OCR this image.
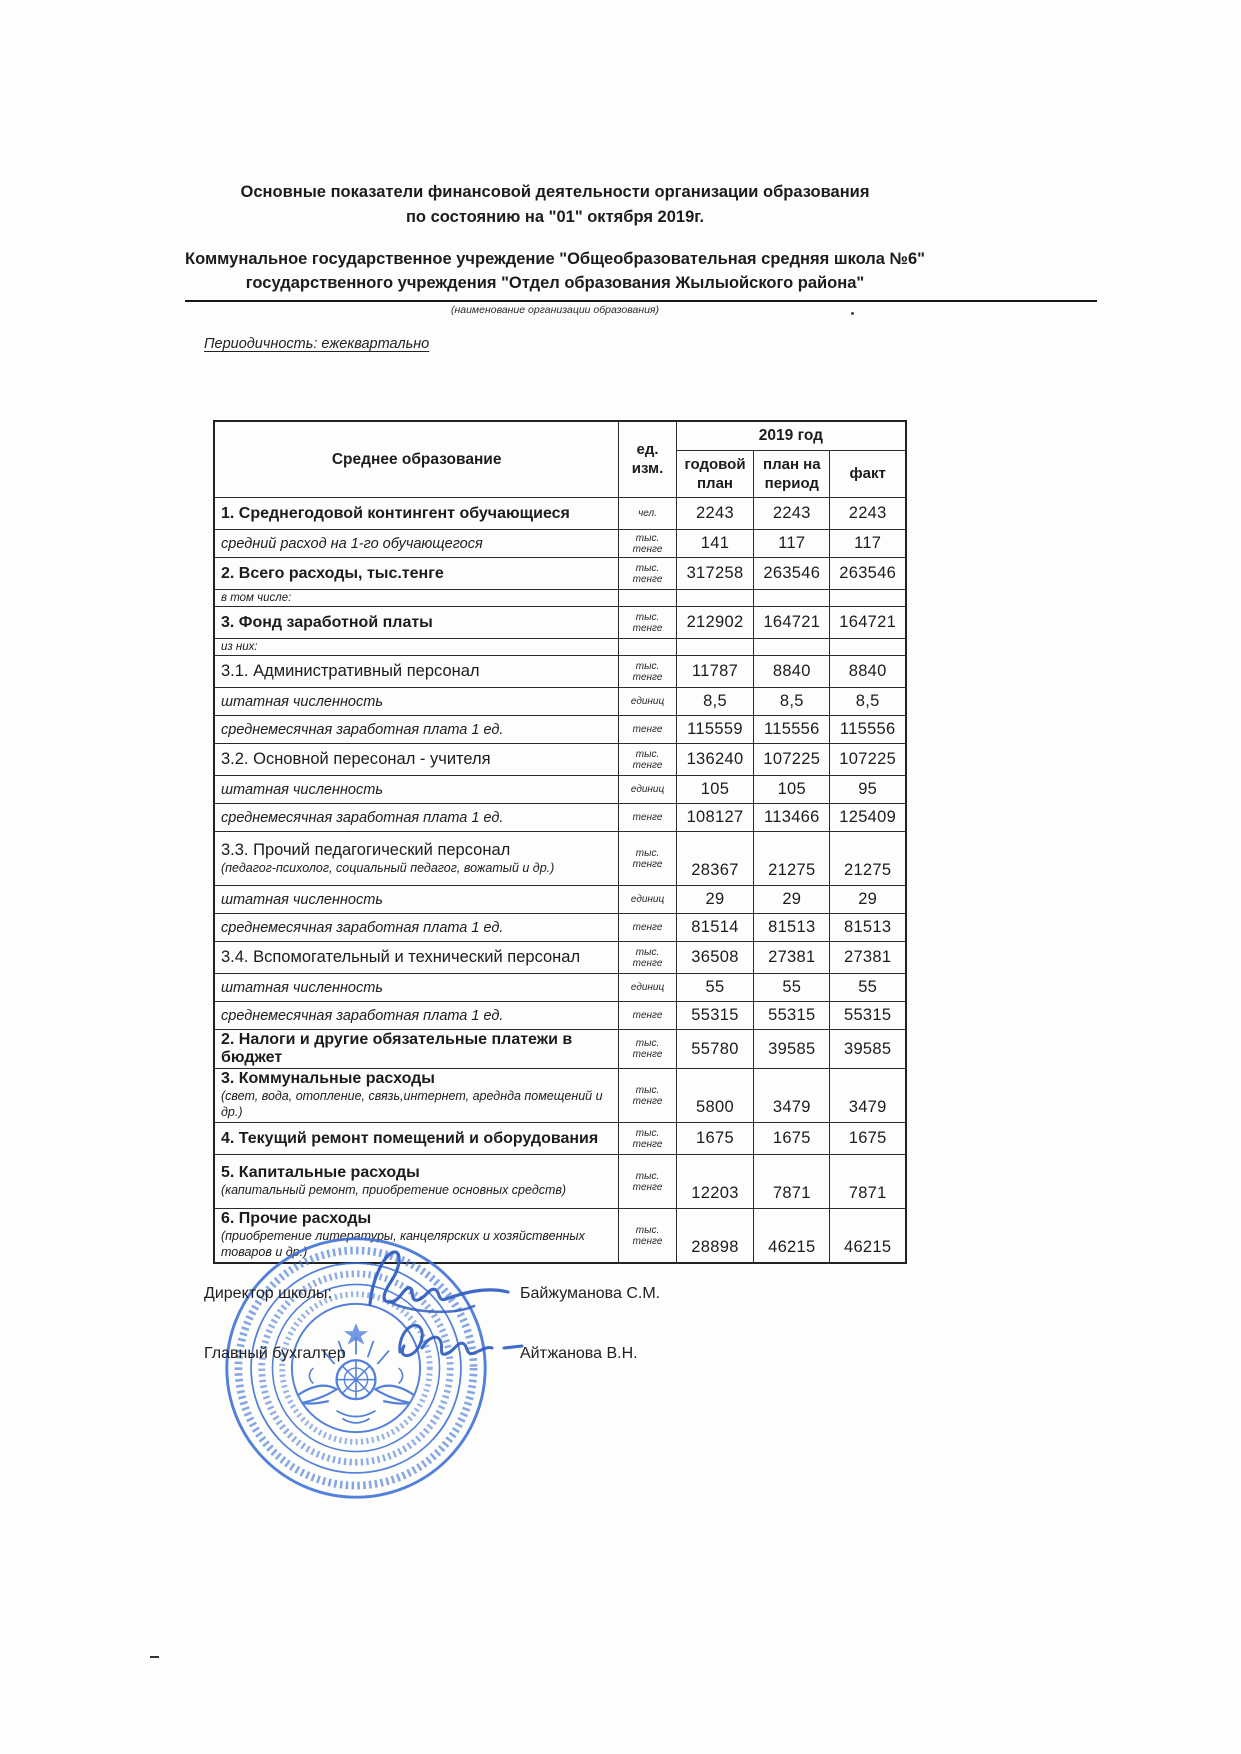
Основные показатели финансовой деятельности организации образования
по состоянию на "01" октября 2019г.
Коммунальное государственное учреждение "Общеобразовательная средняя школа №6"
государственного учреждения "Отдел образования Жылыойского района"
(наименование организации образования)
Периодичность: ежеквартально
Среднее образование	ед. изм.	2019 год		
		годовой план	план на период	факт

1. Среднегодовой контингент обучающиеся	чел.	2243	2243	2243

средний расход на 1-го обучающегося	тыс. тенге	141	117	117

2. Всего расходы, тыс.тенге	тыс. тенге	317258	263546	263546

в том числе:				

3. Фонд заработной платы	тыс. тенге	212902	164721	164721

из них:				

3.1. Административный персонал	тыс. тенге	11787	8840	8840

штатная численность	единиц	8,5	8,5	8,5

среднемесячная заработная плата 1 ед.	тенге	115559	115556	115556

3.2. Основной пересонал - учителя	тыс. тенге	136240	107225	107225

штатная численность	единиц	105	105	95

среднемесячная заработная плата 1 ед.	тенге	108127	113466	125409

3.3. Прочий педагогический персонал
(педагог-психолог, социальный педагог, вожатый и др.)	тыс. тенге	28367	21275	21275

штатная численность	единиц	29	29	29

среднемесячная заработная плата 1 ед.	тенге	81514	81513	81513

3.4. Вспомогательный и технический персонал	тыс. тенге	36508	27381	27381

штатная численность	единиц	55	55	55

среднемесячная заработная плата 1 ед.	тенге	55315	55315	55315

2. Налоги и другие обязательные платежи в бюджет	тыс. тенге	55780	39585	39585

3. Коммунальные расходы
(свет, вода, отопление, связь,интернет, ареднда помещений и др.)	тыс. тенге	5800	3479	3479

4. Текущий ремонт помещений и оборудования	тыс. тенге	1675	1675	1675

5. Капитальные расходы
(капитальный ремонт, приобретение основных средств)	тыс. тенге	12203	7871	7871

6. Прочие расходы
(приобретение литературы, канцелярских и хозяйственных товаров и др.)	тыс. тенге	28898	46215	46215
Директор школы:	Байжуманова С.М.
Главный бухгалтер	Айтжанова В.Н.
